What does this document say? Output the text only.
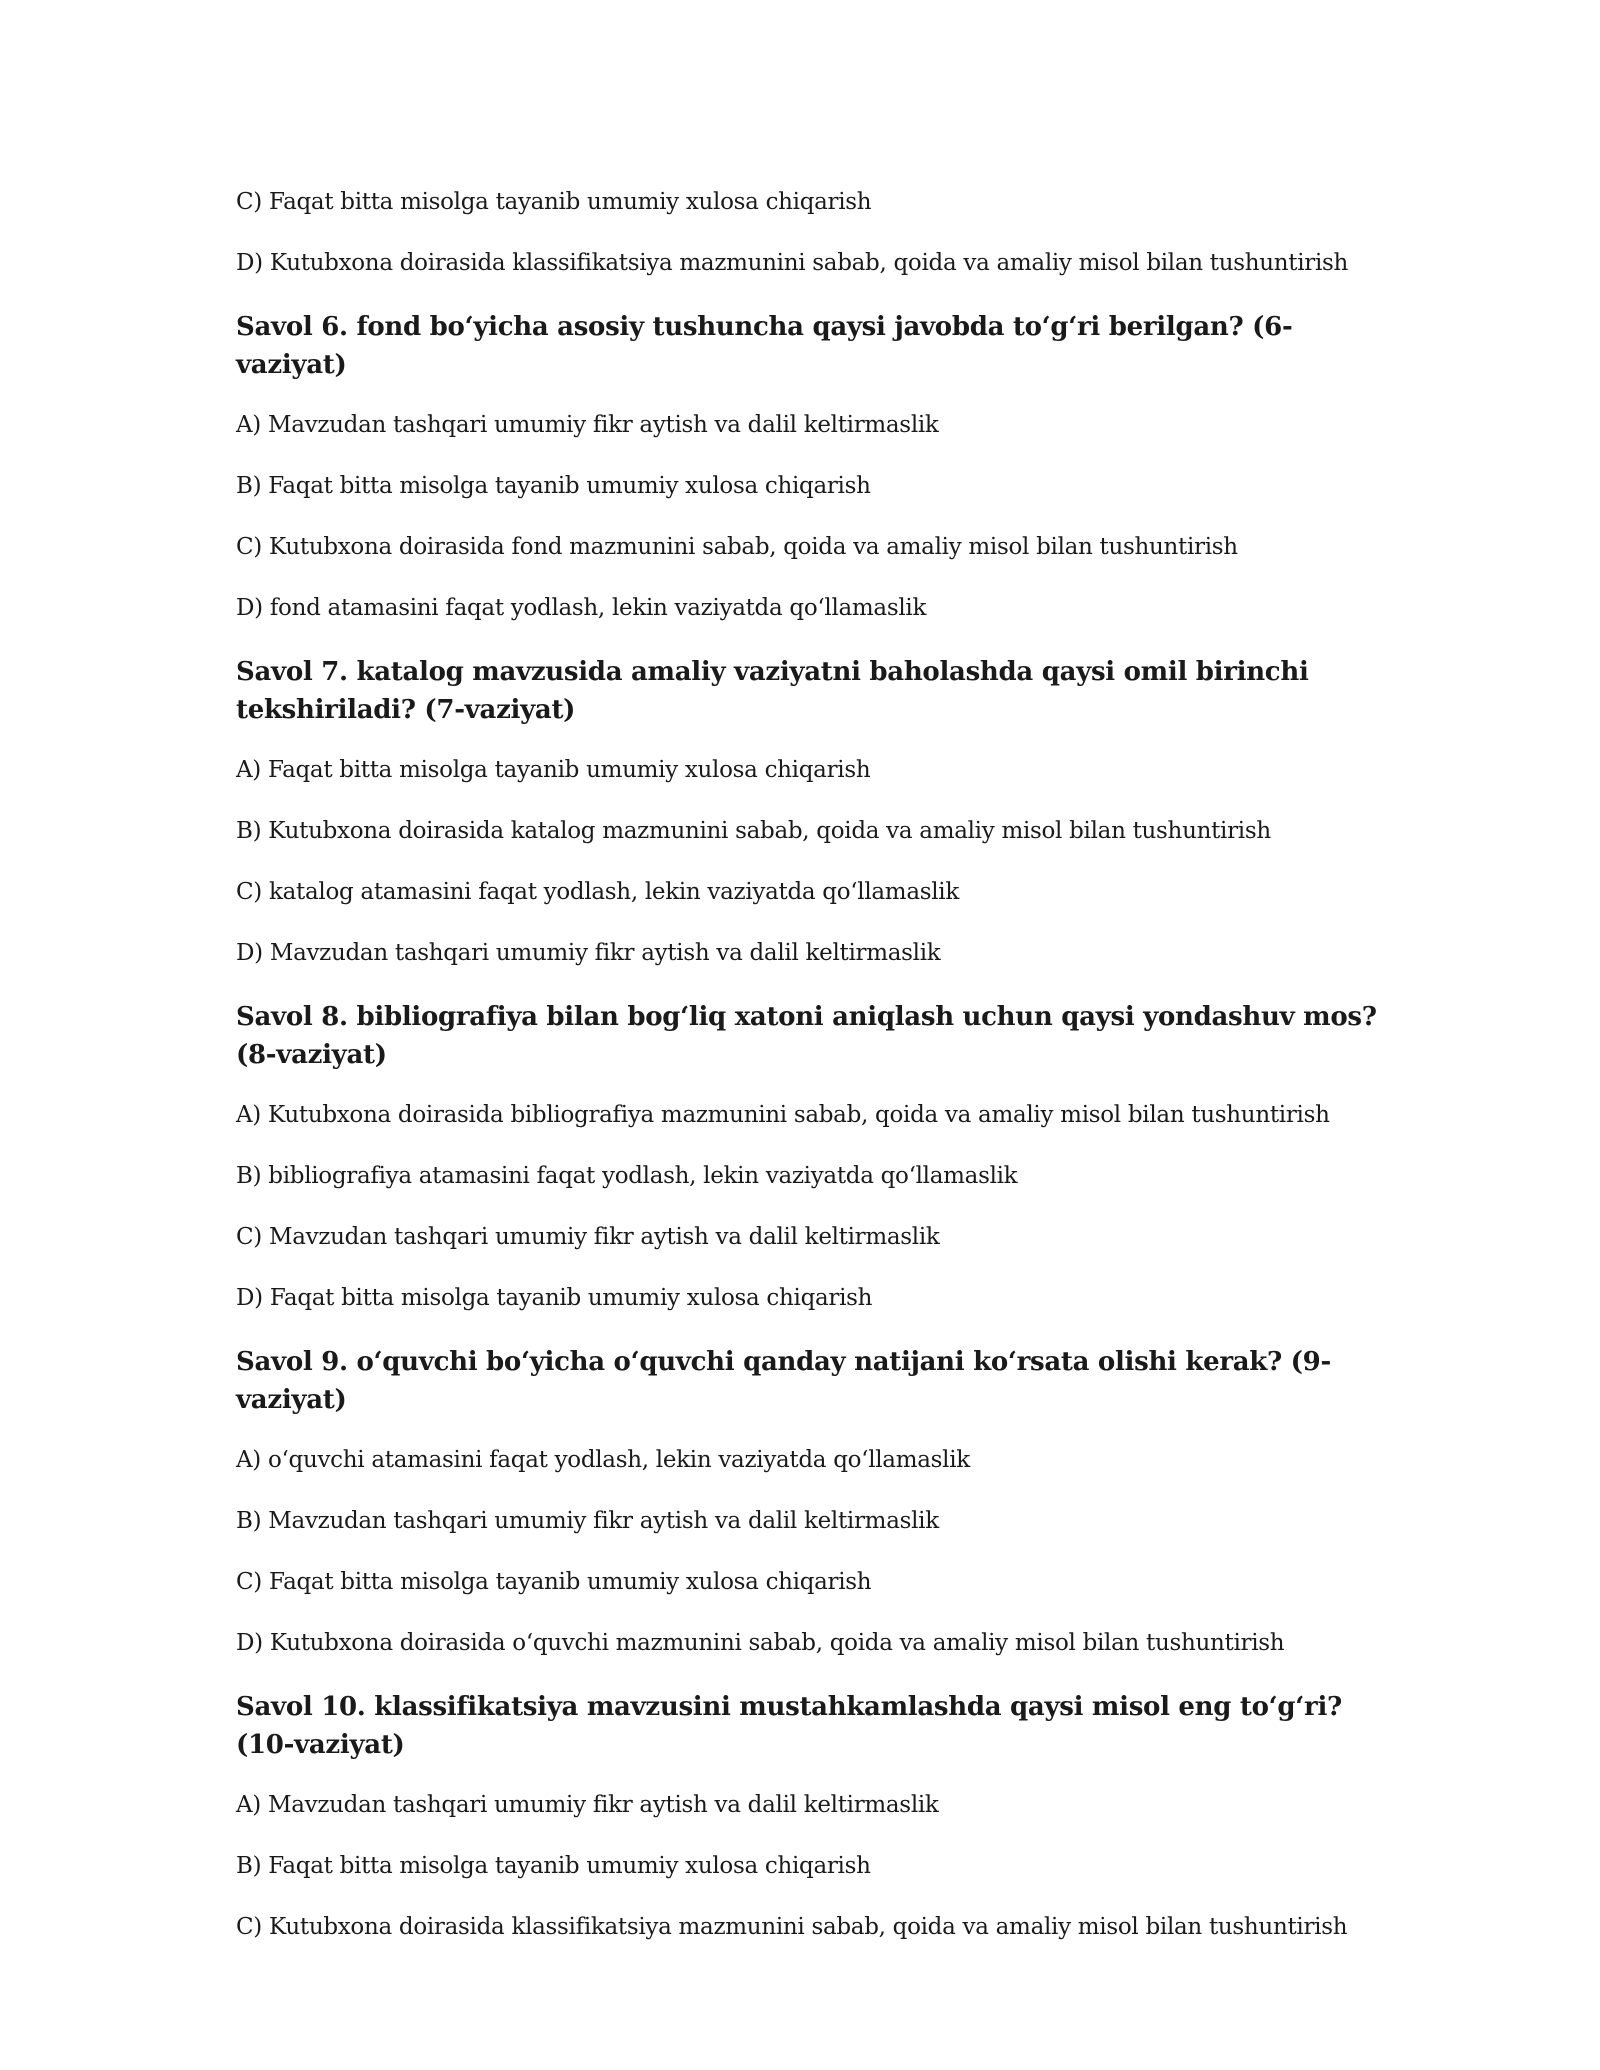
C) Faqat bitta misolga tayanib umumiy xulosa chiqarish

D) Kutubxona doirasida klassifikatsiya mazmunini sabab, qoida va amaliy misol bilan tushuntirish

Savol 6. fond boʻyicha asosiy tushuncha qaysi javobda toʻgʻri berilgan? (6-vaziyat)

A) Mavzudan tashqari umumiy fikr aytish va dalil keltirmaslik

B) Faqat bitta misolga tayanib umumiy xulosa chiqarish

C) Kutubxona doirasida fond mazmunini sabab, qoida va amaliy misol bilan tushuntirish

D) fond atamasini faqat yodlash, lekin vaziyatda qoʻllamaslik

Savol 7. katalog mavzusida amaliy vaziyatni baholashda qaysi omil birinchi tekshiriladi? (7-vaziyat)

A) Faqat bitta misolga tayanib umumiy xulosa chiqarish

B) Kutubxona doirasida katalog mazmunini sabab, qoida va amaliy misol bilan tushuntirish

C) katalog atamasini faqat yodlash, lekin vaziyatda qoʻllamaslik

D) Mavzudan tashqari umumiy fikr aytish va dalil keltirmaslik

Savol 8. bibliografiya bilan bogʻliq xatoni aniqlash uchun qaysi yondashuv mos? (8-vaziyat)

A) Kutubxona doirasida bibliografiya mazmunini sabab, qoida va amaliy misol bilan tushuntirish

B) bibliografiya atamasini faqat yodlash, lekin vaziyatda qoʻllamaslik

C) Mavzudan tashqari umumiy fikr aytish va dalil keltirmaslik

D) Faqat bitta misolga tayanib umumiy xulosa chiqarish

Savol 9. oʻquvchi boʻyicha oʻquvchi qanday natijani koʻrsata olishi kerak? (9-vaziyat)

A) oʻquvchi atamasini faqat yodlash, lekin vaziyatda qoʻllamaslik

B) Mavzudan tashqari umumiy fikr aytish va dalil keltirmaslik

C) Faqat bitta misolga tayanib umumiy xulosa chiqarish

D) Kutubxona doirasida oʻquvchi mazmunini sabab, qoida va amaliy misol bilan tushuntirish

Savol 10. klassifikatsiya mavzusini mustahkamlashda qaysi misol eng toʻgʻri? (10-vaziyat)

A) Mavzudan tashqari umumiy fikr aytish va dalil keltirmaslik

B) Faqat bitta misolga tayanib umumiy xulosa chiqarish

C) Kutubxona doirasida klassifikatsiya mazmunini sabab, qoida va amaliy misol bilan tushuntirish
